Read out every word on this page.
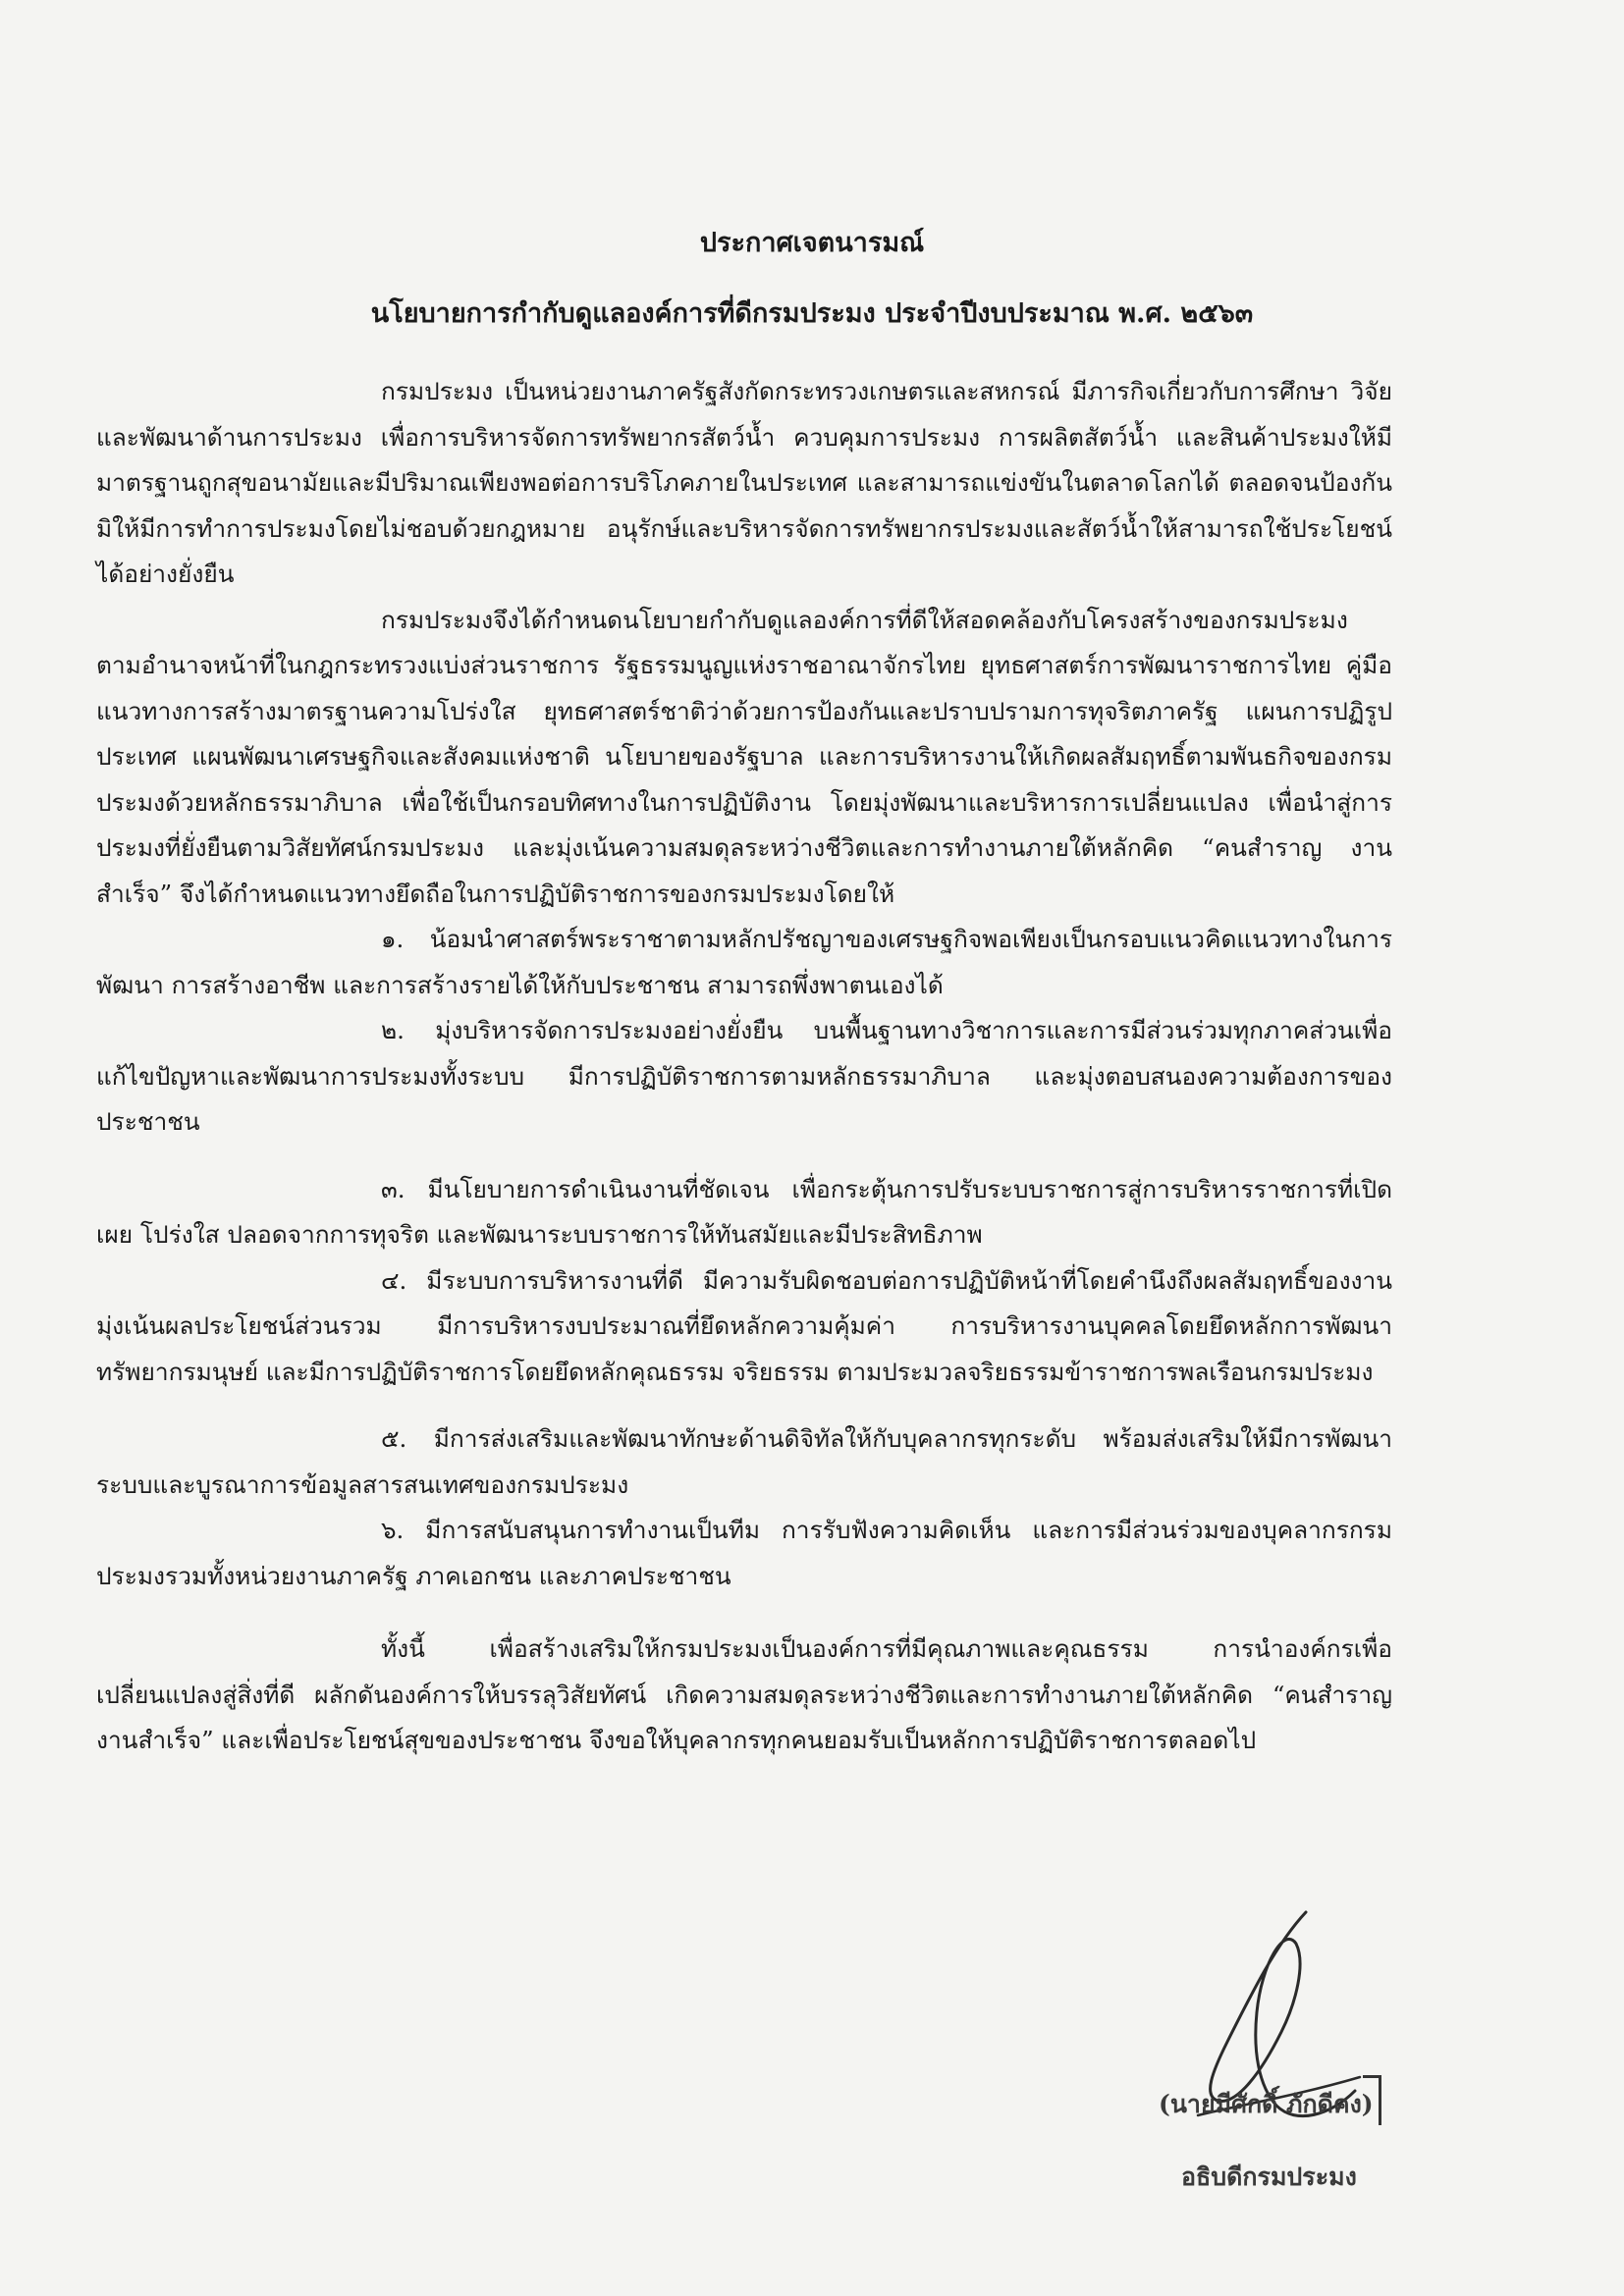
ประกาศเจตนารมณ์
นโยบายการกำกับดูแลองค์การที่ดีกรมประมง ประจำปีงบประมาณ พ.ศ. ๒๕๖๓

กรมประมง เป็นหน่วยงานภาครัฐสังกัดกระทรวงเกษตรและสหกรณ์ มีภารกิจเกี่ยวกับการศึกษา วิจัย และพัฒนาด้านการประมง เพื่อการบริหารจัดการทรัพยากรสัตว์น้ำ ควบคุมการประมง การผลิตสัตว์น้ำ และสินค้าประมงให้มีมาตรฐานถูกสุขอนามัยและมีปริมาณเพียงพอต่อการบริโภคภายในประเทศ และสามารถแข่งขันในตลาดโลกได้ ตลอดจนป้องกันมิให้มีการทำการประมงโดยไม่ชอบด้วยกฎหมาย อนุรักษ์และบริหารจัดการทรัพยากรประมงและสัตว์น้ำให้สามารถใช้ประโยชน์ได้อย่างยั่งยืน

กรมประมงจึงได้กำหนดนโยบายกำกับดูแลองค์การที่ดีให้สอดคล้องกับโครงสร้างของกรมประมงตามอำนาจหน้าที่ในกฎกระทรวงแบ่งส่วนราชการ รัฐธรรมนูญแห่งราชอาณาจักรไทย ยุทธศาสตร์การพัฒนาราชการไทย คู่มือแนวทางการสร้างมาตรฐานความโปร่งใส ยุทธศาสตร์ชาติว่าด้วยการป้องกันและปราบปรามการทุจริตภาครัฐ แผนการปฏิรูปประเทศ แผนพัฒนาเศรษฐกิจและสังคมแห่งชาติ นโยบายของรัฐบาล และการบริหารงานให้เกิดผลสัมฤทธิ์ตามพันธกิจของกรมประมงด้วยหลักธรรมาภิบาล เพื่อใช้เป็นกรอบทิศทางในการปฏิบัติงาน โดยมุ่งพัฒนาและบริหารการเปลี่ยนแปลง เพื่อนำสู่การประมงที่ยั่งยืนตามวิสัยทัศน์กรมประมง และมุ่งเน้นความสมดุลระหว่างชีวิตและการทำงานภายใต้หลักคิด “คนสำราญ งานสำเร็จ” จึงได้กำหนดแนวทางยึดถือในการปฏิบัติราชการของกรมประมงโดยให้

๑. น้อมนำศาสตร์พระราชาตามหลักปรัชญาของเศรษฐกิจพอเพียงเป็นกรอบแนวคิดแนวทางในการพัฒนา การสร้างอาชีพ และการสร้างรายได้ให้กับประชาชน สามารถพึ่งพาตนเองได้

๒. มุ่งบริหารจัดการประมงอย่างยั่งยืน บนพื้นฐานทางวิชาการและการมีส่วนร่วมทุกภาคส่วนเพื่อแก้ไขปัญหาและพัฒนาการประมงทั้งระบบ มีการปฏิบัติราชการตามหลักธรรมาภิบาล และมุ่งตอบสนองความต้องการของประชาชน

๓. มีนโยบายการดำเนินงานที่ชัดเจน เพื่อกระตุ้นการปรับระบบราชการสู่การบริหารราชการที่เปิดเผย โปร่งใส ปลอดจากการทุจริต และพัฒนาระบบราชการให้ทันสมัยและมีประสิทธิภาพ

๔. มีระบบการบริหารงานที่ดี มีความรับผิดชอบต่อการปฏิบัติหน้าที่โดยคำนึงถึงผลสัมฤทธิ์ของงาน มุ่งเน้นผลประโยชน์ส่วนรวม มีการบริหารงบประมาณที่ยึดหลักความคุ้มค่า การบริหารงานบุคคลโดยยึดหลักการพัฒนาทรัพยากรมนุษย์ และมีการปฏิบัติราชการโดยยึดหลักคุณธรรม จริยธรรม ตามประมวลจริยธรรมข้าราชการพลเรือนกรมประมง

๕. มีการส่งเสริมและพัฒนาทักษะด้านดิจิทัลให้กับบุคลากรทุกระดับ พร้อมส่งเสริมให้มีการพัฒนาระบบและบูรณาการข้อมูลสารสนเทศของกรมประมง

๖. มีการสนับสนุนการทำงานเป็นทีม การรับฟังความคิดเห็น และการมีส่วนร่วมของบุคลากรกรมประมงรวมทั้งหน่วยงานภาครัฐ ภาคเอกชน และภาคประชาชน

ทั้งนี้ เพื่อสร้างเสริมให้กรมประมงเป็นองค์การที่มีคุณภาพและคุณธรรม การนำองค์กรเพื่อเปลี่ยนแปลงสู่สิ่งที่ดี ผลักดันองค์การให้บรรลุวิสัยทัศน์ เกิดความสมดุลระหว่างชีวิตและการทำงานภายใต้หลักคิด “คนสำราญ งานสำเร็จ” และเพื่อประโยชน์สุขของประชาชน จึงขอให้บุคลากรทุกคนยอมรับเป็นหลักการปฏิบัติราชการตลอดไป

(นายมีศักดิ์ ภักดีคง)
อธิบดีกรมประมง
